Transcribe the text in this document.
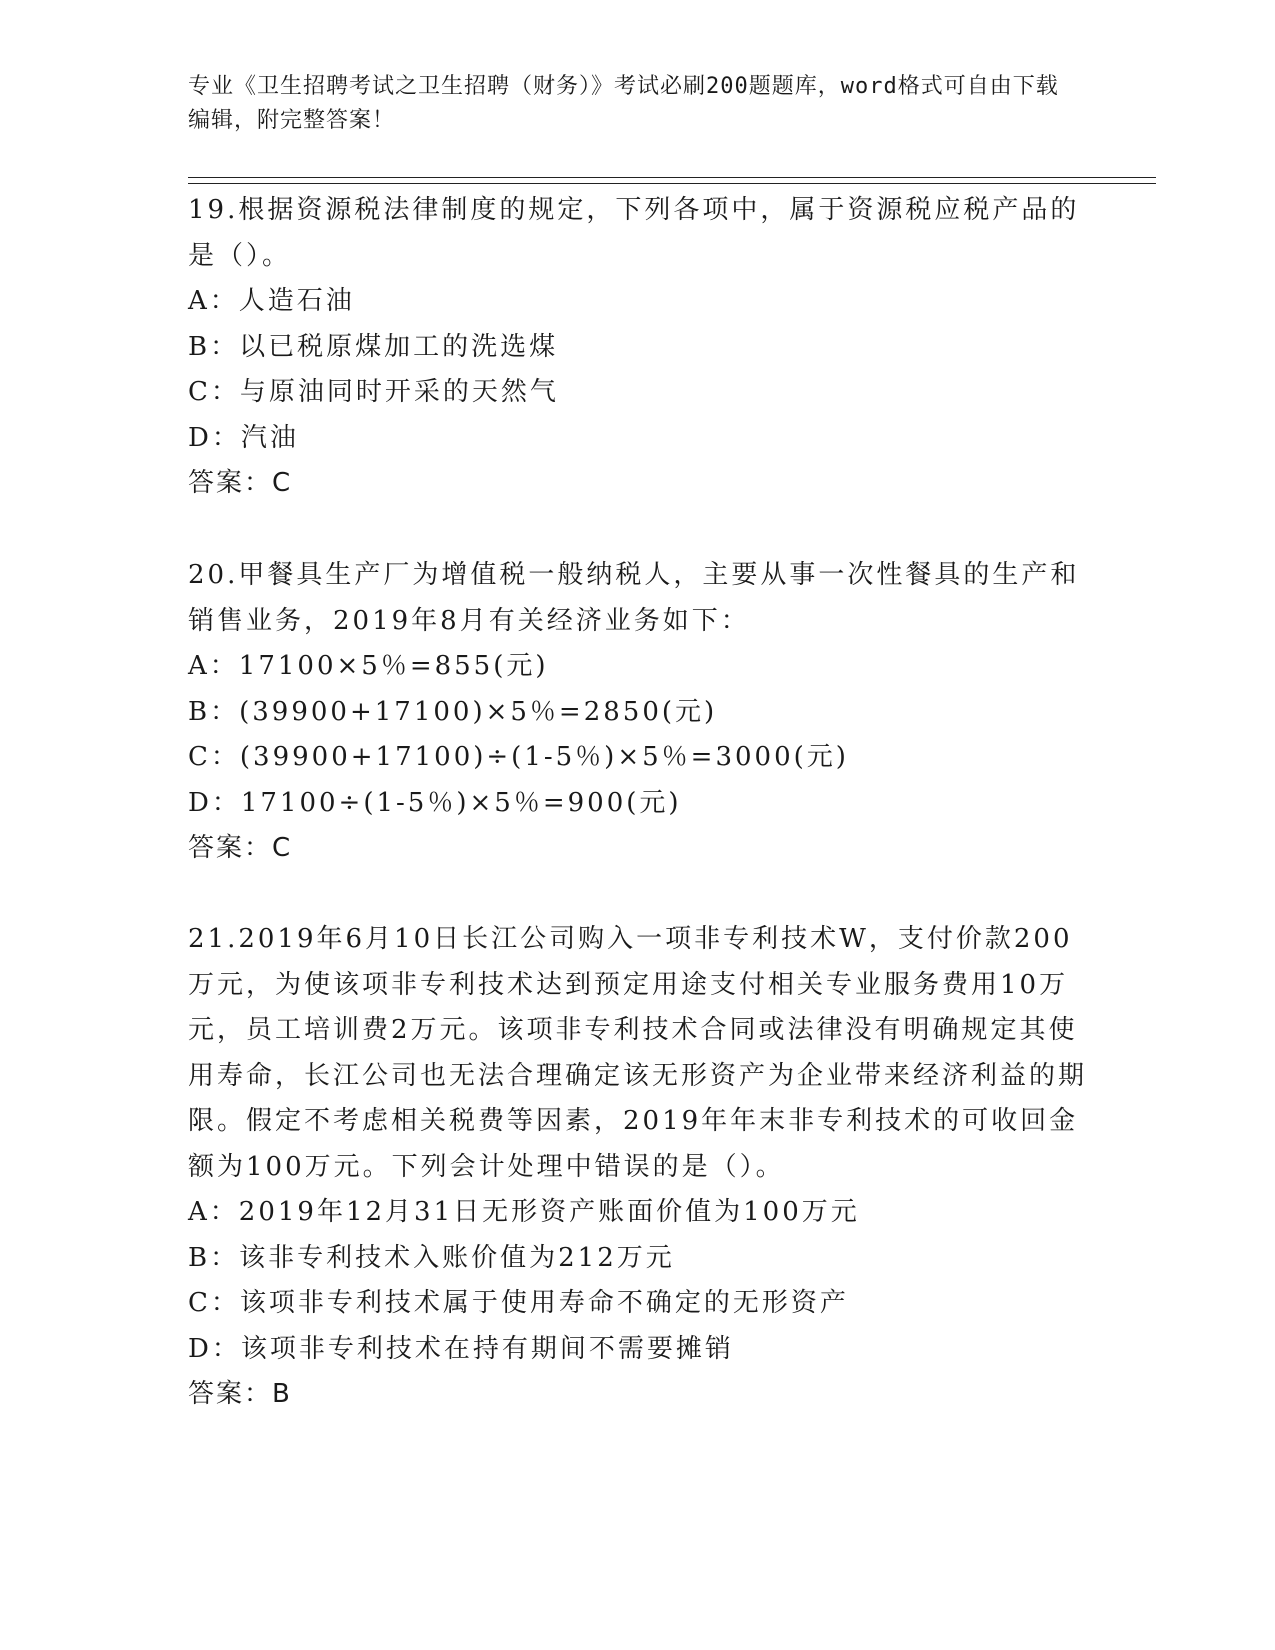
专业《卫生招聘考试之卫生招聘（财务）》考试必刷200题题库，word格式可自由下载编辑，附完整答案！

19.根据资源税法律制度的规定，下列各项中，属于资源税应税产品的是（）。

A：人造石油

B：以已税原煤加工的洗选煤

C：与原油同时开采的天然气

D：汽油

答案：C

20.甲餐具生产厂为增值税一般纳税人，主要从事一次性餐具的生产和销售业务，2019年8月有关经济业务如下：

A：17100×5％=855(元)

B：(39900+17100)×5％=2850(元)

C：(39900+17100)÷(1-5％)×5％=3000(元)

D：17100÷(1-5％)×5％=900(元)

答案：C

21.2019年6月10日长江公司购入一项非专利技术W，支付价款200万元，为使该项非专利技术达到预定用途支付相关专业服务费用10万元，员工培训费2万元。该项非专利技术合同或法律没有明确规定其使用寿命，长江公司也无法合理确定该无形资产为企业带来经济利益的期限。假定不考虑相关税费等因素，2019年年末非专利技术的可收回金额为100万元。下列会计处理中错误的是（）。

A：2019年12月31日无形资产账面价值为100万元

B：该非专利技术入账价值为212万元

C：该项非专利技术属于使用寿命不确定的无形资产

D：该项非专利技术在持有期间不需要摊销

答案：B
